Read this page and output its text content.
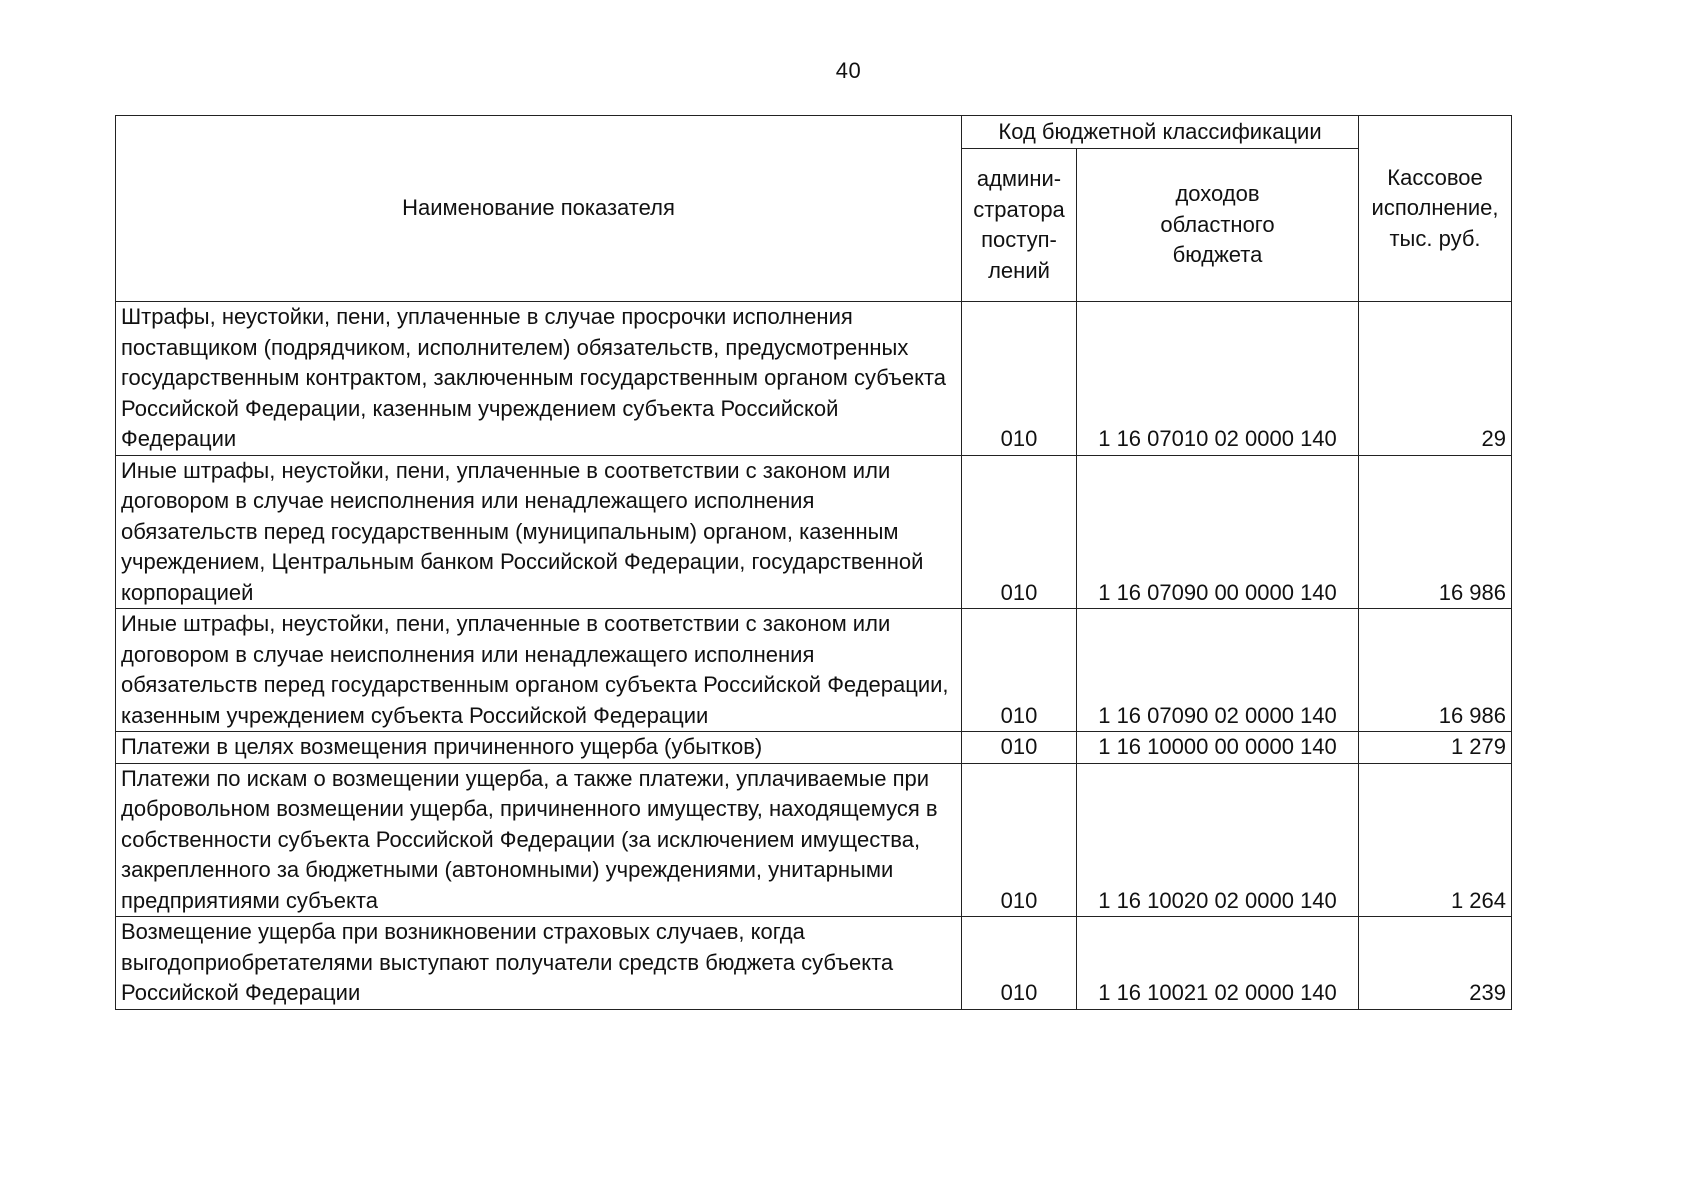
40
Наименование показателя	Код бюджетной классификации		Кассовое
исполнение,
тыс. руб.

	админи-
стратора
поступ-
лений	доходов
областного
бюджета	

Штрафы, неустойки, пени, уплаченные в случае просрочки исполнения поставщиком (подрядчиком, исполнителем) обязательств, предусмотренных государственным контрактом, заключенным государственным органом субъекта Российской Федерации, казенным учреждением субъекта Российской Федерации	010	1 16 07010 02 0000 140	29
Иные штрафы, неустойки, пени, уплаченные в соответствии с законом или договором в случае неисполнения или ненадлежащего исполнения обязательств перед государственным (муниципальным) органом, казенным учреждением, Центральным банком Российской Федерации, государственной корпорацией	010	1 16 07090 00 0000 140	16 986
Иные штрафы, неустойки, пени, уплаченные в соответствии с законом или договором в случае неисполнения или ненадлежащего исполнения обязательств перед государственным органом субъекта Российской Федерации, казенным учреждением субъекта Российской Федерации	010	1 16 07090 02 0000 140	16 986
Платежи в целях возмещения причиненного ущерба (убытков)	010	1 16 10000 00 0000 140	1 279
Платежи по искам о возмещении ущерба, а также платежи, уплачиваемые при добровольном возмещении ущерба, причиненного имуществу, находящемуся в собственности субъекта Российской Федерации (за исключением имущества, закрепленного за бюджетными (автономными) учреждениями, унитарными предприятиями субъекта	010	1 16 10020 02 0000 140	1 264
Возмещение ущерба при возникновении страховых случаев, когда выгодоприобретателями выступают получатели средств бюджета субъекта Российской Федерации	010	1 16 10021 02 0000 140	239
